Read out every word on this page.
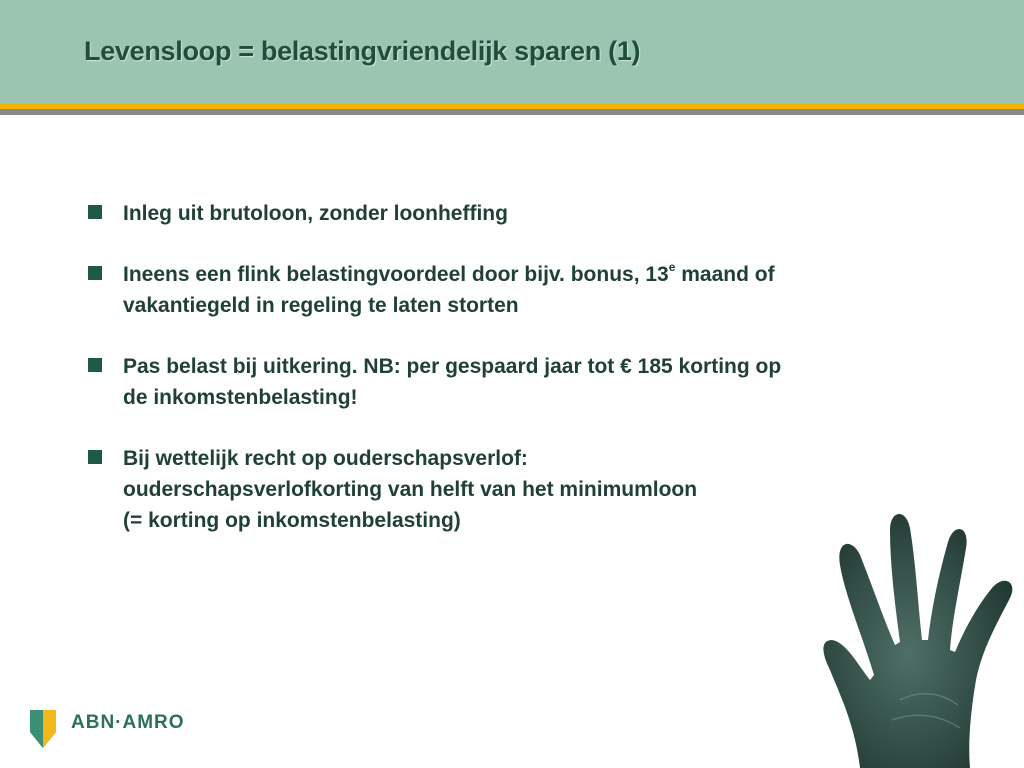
Levensloop = belastingvriendelijk sparen (1)
Inleg uit brutoloon, zonder loonheffing
Ineens een flink belastingvoordeel door bijv. bonus, 13e maand of
vakantiegeld in regeling te laten storten
Pas belast bij uitkering. NB: per gespaard jaar tot € 185 korting op
de inkomstenbelasting!
Bij wettelijk recht op ouderschapsverlof:
ouderschapsverlofkorting van helft van het minimumloon
(= korting op inkomstenbelasting)
ABN·AMRO
